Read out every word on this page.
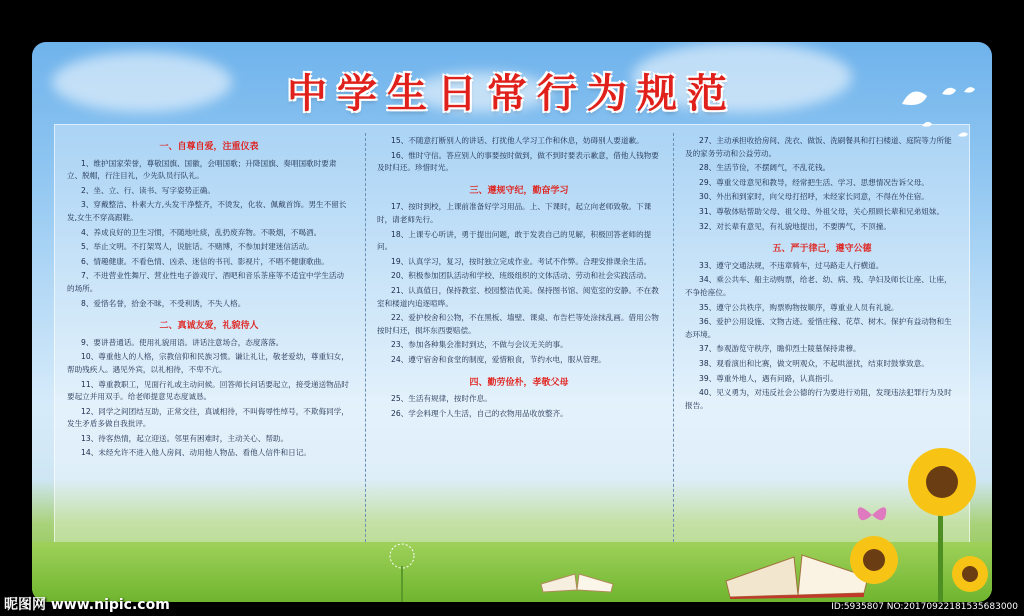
中学生日常行为规范
一、自尊自爱，注重仪表
1、维护国家荣誉，尊敬国旗、国徽，会唱国歌；升降国旗、奏唱国歌时要肃立、脱帽，行注目礼，少先队员行队礼。
2、坐、立、行、读书、写字姿势正确。
3、穿戴整洁、朴素大方,头发干净整齐，不烫发，化妆、佩戴首饰。男生不留长发,女生不穿高跟鞋。
4、养成良好的卫生习惯，不随地吐痰，乱扔废弃物。不吸烟，不喝酒。
5、举止文明。不打架骂人，说脏话。不赌博，不参加封建迷信活动。
6、情趣健康。不看色情、凶杀、迷信的书刊、影视片，不唱不健康歌曲。
7、不进营业性舞厅、营业性电子游戏厅、酒吧和音乐茶座等不适宜中学生活动的场所。
8、爱惜名誉，拾金不昧，不受利诱，不失人格。
二、真诚友爱，礼貌待人
9、要讲普通话。使用礼貌用语。讲话注意场合，态度落落。
10、尊重他人的人格，宗教信仰和民族习惯。谦让礼让，敬老爱幼，尊重妇女，帮助残疾人。遇见外宾，以礼相待，不卑不亢。
11、尊重教职工，见面行礼或主动问候。回答师长问话要起立，接受递送物品时要起立并用双手。给老师提意见态度诚恳。
12、同学之间团结互助，正常交往，真诚相待，不叫侮辱性绰号，不欺侮同学，发生矛盾多做自我批评。
13、待客热情，起立迎送。邻里有困难时，主动关心、帮助。
14、未经允许不进入他人房间、动用他人物品、看他人信件和日记。
15、不随意打断别人的讲话、打扰他人学习工作和休息，妨碍别人要道歉。
16、惟时守信。答应别人的事要按时做到，做不到时要表示歉意，借他人钱物要及时归还。珍惜时光。
三、遵规守纪，勤奋学习
17、按时到校，上课前准备好学习用品。上、下课时，起立向老师致敬。下课时，请老师先行。
18、上课专心听讲，勇于提出问题，敢于发表自己的见解，积极回答老师的提问。
19、认真学习，复习，按时独立完成作业。考试不作弊。合理安排课余生活。
20、积极参加团队活动和学校、班级组织的文体活动、劳动和社会实践活动。
21、认真值日，保持教室、校园整洁优美。保持图书馆、阅览室的安静。不在教室和楼道内追逐喧哗。
22、爱护校舍和公物，不在黑板、墙壁、课桌、布告栏等处涂抹乱画。借用公物按时归还，损坏东西要赔偿。
23、参加各种集会准时到达，不做与会议无关的事。
24、遵守宿舍和食堂的制度，爱惜粮食，节约水电，服从管理。
四、勤劳俭朴，孝敬父母
25、生活有规律，按时作息。
26、学会料理个人生活，自己的衣物用品收放整齐。
27、主动承担收拾房间、洗衣、做饭、洗刷餐具和打扫楼道、庭院等力所能及的家务劳动和公益劳动。
28、生活节俭，不摆阔气，不乱花钱。
29、尊重父母意见和教导，经常把生活、学习、思想情况告诉父母。
30、外出和到家时，向父母打招呼，未经家长同意，不得在外住宿。
31、尊敬体贴帮助父母、祖父母、外祖父母，关心照顾长辈和兄弟姐妹。
32、对长辈有意见，有礼貌地提出，不要脾气，不顶撞。
五、严于律己，遵守公德
33、遵守交通法规，不违章骑车，过马路走人行横道。
34、乘公共车、船主动购票，给老、幼、病、残、孕妇及师长让座、让座，不争抢座位。
35、遵守公共秩序，购票购物按顺序，尊重业人员有礼貌。
36、爱护公用设施、文物古迹。爱惜庄稼、花草、树木。保护有益动物和生态环境。
37、参观游览守秩序，瞻仰烈士陵墓保持肃穆。
38、观看演出和比赛，做文明观众，不起哄滋扰，结束时鼓掌致意。
39、尊重外地人，遇有问路，认真指引。
40、见义勇为，对违反社会公德的行为要进行劝阻，发现违法犯罪行为及时报告。
昵图网 www.nipic.com	ID:5935807 NO:20170922181535683000
